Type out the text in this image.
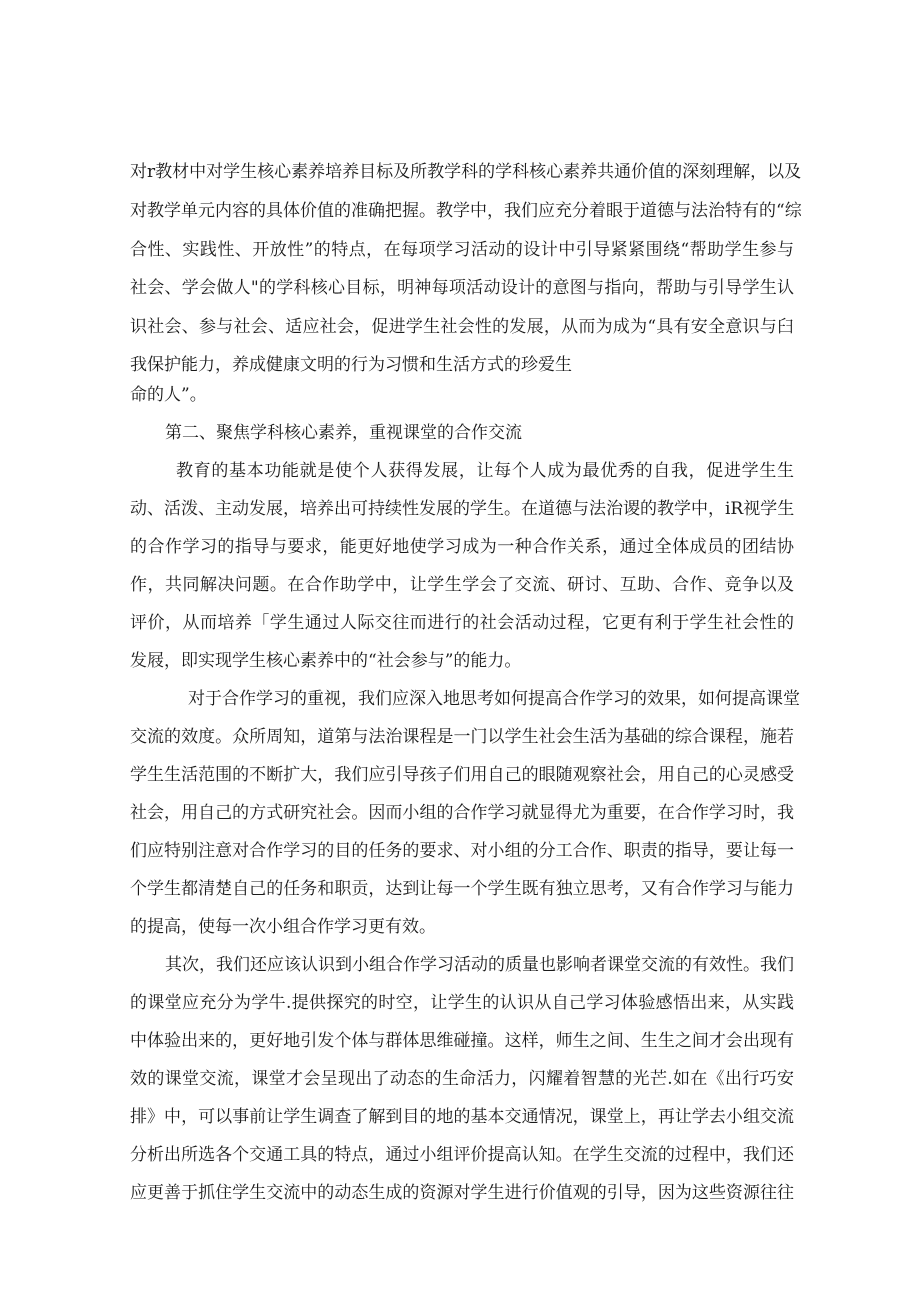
对r教材中对学生核心素养培养目标及所教学科的学科核心素养共通价值的深刻理解，以及
对教学单元内容的具体价值的准确把握。教学中，我们应充分着眼于道德与法治特有的“综
合性、实践性、开放性”的特点，在每项学习活动的设计中引导紧紧围绕“帮助学生参与
社会、学会做人"的学科核心目标，明神每项活动设计的意图与指向，帮助与引导学生认
识社会、参与社会、适应社会，促进学生社会性的发展，从而为成为“具有安全意识与臼
我保护能力，养成健康文明的行为习惯和生活方式的珍爱生
命的人”。
第二、聚焦学科核心素养，重视课堂的合作交流
教育的基本功能就是使个人获得发展，让每个人成为最优秀的自我，促进学生生
动、活泼、主动发展，培养出可持续性发展的学生。在道德与法治谡的教学中，iR视学生
的合作学习的指导与要求，能更好地使学习成为一种合作关系，通过全体成员的团结协
作，共同解决问题。在合作助学中，让学生学会了交流、研讨、互助、合作、竞争以及
评价，从而培养「学生通过人际交往而进行的社会活动过程，它更有利于学生社会性的
发屐，即实现学生核心素养中的“社会参与”的能力。
对于合作学习的重视，我们应深入地思考如何提高合作学习的效果，如何提高课堂
交流的效度。众所周知，道第与法治课程是一门以学生社会生活为基础的综合课程，施若
学生生活范围的不断扩大，我们应引导孩子们用自己的眼随观察社会，用自己的心灵感受
社会，用自己的方式研究社会。因而小组的合作学习就显得尤为重要，在合作学习时，我
们应特别注意对合作学习的目的任务的要求、对小组的分工合作、职责的指导，要让每一
个学生都清楚自己的任务和职贡，达到让每一个学生既有独立思考，又有合作学习与能力
的提高，使每一次小组合作学习更有效。
其次，我们还应该认识到小组合作学习活动的质量也影响者课堂交流的有效性。我们
的课堂应充分为学牛.提供探究的时空，让学生的认识从自己学习体验感悟出来，从实践
中体验出来的，更好地引发个体与群体思维碰撞。这样，师生之间、生生之间才会出现有
效的课堂交流，课堂才会呈现出了动态的生命活力，闪耀着智慧的光芒.如在《出行巧安
排》中，可以事前让学生调查了解到目的地的基本交通情况，课堂上，再让学去小组交流
分析出所选各个交通工具的特点，通过小组评价提高认知。在学生交流的过程中，我们还
应更善于抓住学生交流中的动态生成的资源对学生进行价值观的引导，因为这些资源往往
